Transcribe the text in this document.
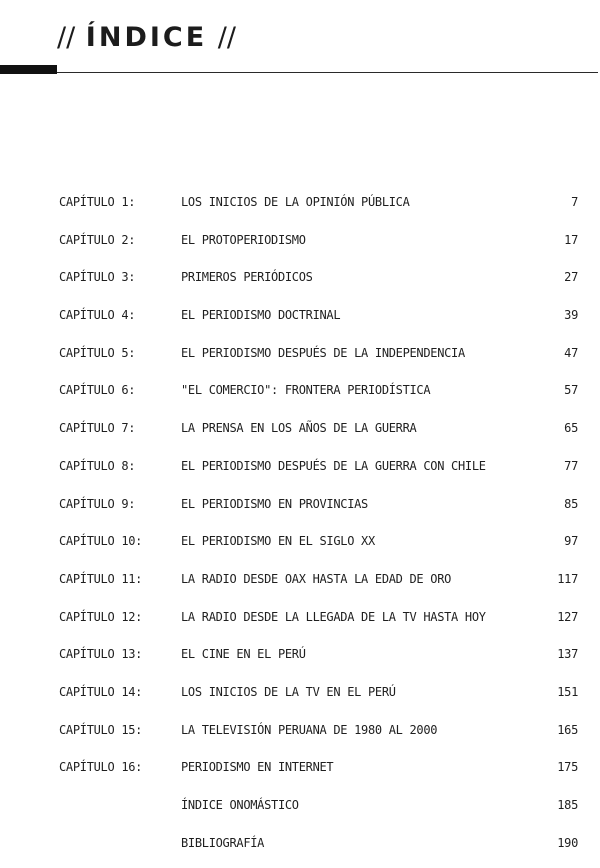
// ÍNDICE //
CAPÍTULO 1:	LOS INICIOS DE LA OPINIÓN PÚBLICA	7
CAPÍTULO 2:	EL PROTOPERIODISMO	17
CAPÍTULO 3:	PRIMEROS PERIÓDICOS	27
CAPÍTULO 4:	EL PERIODISMO DOCTRINAL	39
CAPÍTULO 5:	EL PERIODISMO DESPUÉS DE LA INDEPENDENCIA	47
CAPÍTULO 6:	"EL COMERCIO": FRONTERA PERIODÍSTICA	57
CAPÍTULO 7:	LA PRENSA EN LOS AÑOS DE LA GUERRA	65
CAPÍTULO 8:	EL PERIODISMO DESPUÉS DE LA GUERRA CON CHILE	77
CAPÍTULO 9:	EL PERIODISMO EN PROVINCIAS	85
CAPÍTULO 10:	EL PERIODISMO EN EL SIGLO XX	97
CAPÍTULO 11:	LA RADIO DESDE OAX HASTA LA EDAD DE ORO	117
CAPÍTULO 12:	LA RADIO DESDE LA LLEGADA DE LA TV HASTA HOY	127
CAPÍTULO 13:	EL CINE EN EL PERÚ	137
CAPÍTULO 14:	LOS INICIOS DE LA TV EN EL PERÚ	151
CAPÍTULO 15:	LA TELEVISIÓN PERUANA DE 1980 AL 2000	165
CAPÍTULO 16:	PERIODISMO EN INTERNET	175
ÍNDICE ONOMÁSTICO	185
BIBLIOGRAFÍA	190
